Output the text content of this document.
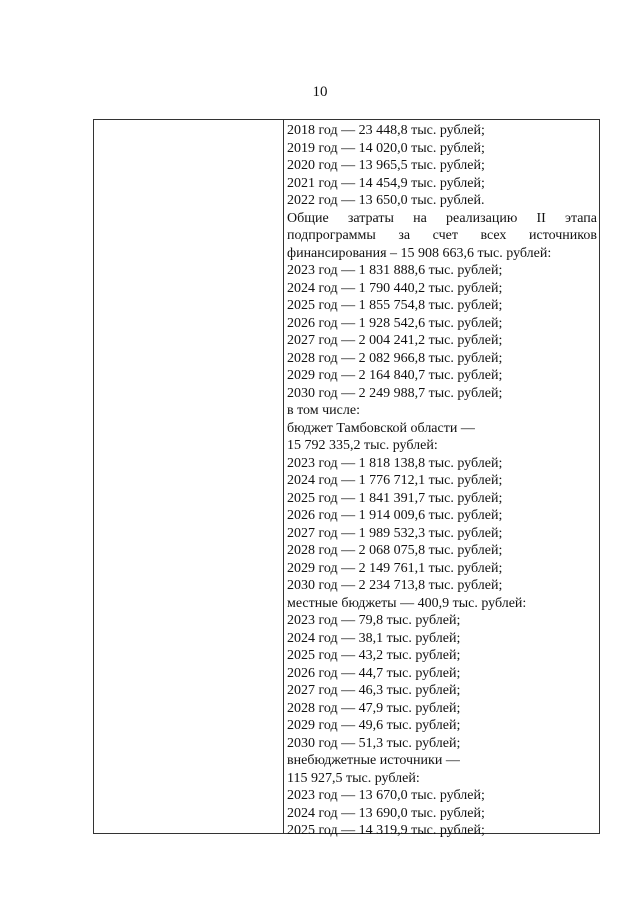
10
2018 год — 23 448,8 тыс. рублей;
2019 год — 14 020,0 тыс. рублей;
2020 год — 13 965,5 тыс. рублей;
2021 год — 14 454,9 тыс. рублей;
2022 год — 13 650,0 тыс. рублей.
Общие затраты на реализацию II этапа
подпрограммы за счет всех источников
финансирования – 15 908 663,6 тыс. рублей:
2023 год — 1 831 888,6 тыс. рублей;
2024 год — 1 790 440,2 тыс. рублей;
2025 год — 1 855 754,8 тыс. рублей;
2026 год — 1 928 542,6 тыс. рублей;
2027 год — 2 004 241,2 тыс. рублей;
2028 год — 2 082 966,8 тыс. рублей;
2029 год — 2 164 840,7 тыс. рублей;
2030 год — 2 249 988,7 тыс. рублей;
в том числе:
бюджет Тамбовской области —
15 792 335,2 тыс. рублей:
2023 год — 1 818 138,8 тыс. рублей;
2024 год — 1 776 712,1 тыс. рублей;
2025 год — 1 841 391,7 тыс. рублей;
2026 год — 1 914 009,6 тыс. рублей;
2027 год — 1 989 532,3 тыс. рублей;
2028 год — 2 068 075,8 тыс. рублей;
2029 год — 2 149 761,1 тыс. рублей;
2030 год — 2 234 713,8 тыс. рублей;
местные бюджеты — 400,9 тыс. рублей:
2023 год — 79,8 тыс. рублей;
2024 год — 38,1 тыс. рублей;
2025 год — 43,2 тыс. рублей;
2026 год — 44,7 тыс. рублей;
2027 год — 46,3 тыс. рублей;
2028 год — 47,9 тыс. рублей;
2029 год — 49,6 тыс. рублей;
2030 год — 51,3 тыс. рублей;
внебюджетные источники —
115 927,5 тыс. рублей:
2023 год — 13 670,0 тыс. рублей;
2024 год — 13 690,0 тыс. рублей;
2025 год — 14 319,9 тыс. рублей;
